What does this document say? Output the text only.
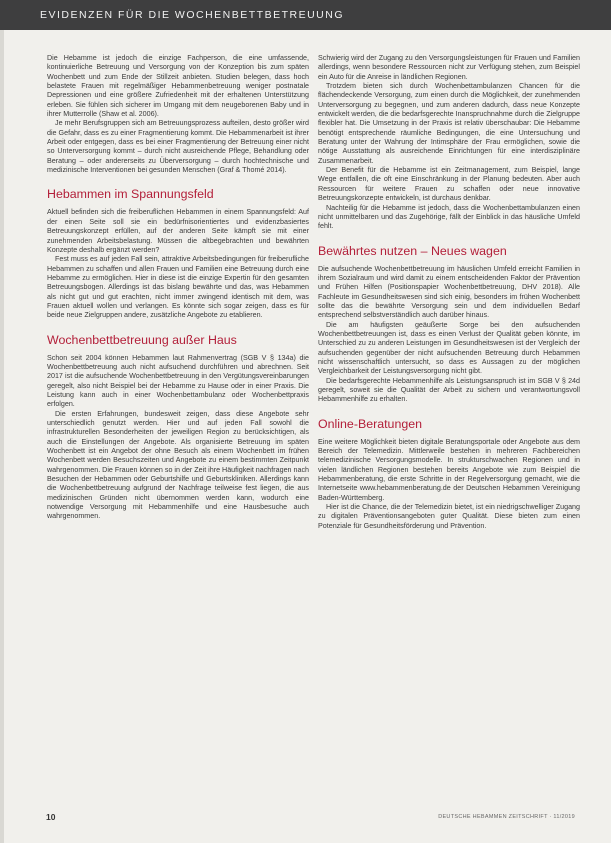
EVIDENZEN FÜR DIE WOCHENBETTBETREUUNG

Die Hebamme ist jedoch die einzige Fachperson, die eine umfassende, kontinuierliche Betreuung und Versorgung von der Konzeption bis zum späten Wochenbett und zum Ende der Stillzeit anbieten. Studien belegen, dass hoch belastete Frauen mit regelmäßiger Hebammenbetreuung weniger postnatale Depressionen und eine größere Zufriedenheit mit der erhaltenen Unterstützung erleben. Sie fühlen sich sicherer im Umgang mit dem neugeborenen Baby und in ihrer Mutterrolle (Shaw et al. 2006).

Je mehr Berufsgruppen sich am Betreuungsprozess aufteilen, desto größer wird die Gefahr, dass es zu einer Fragmentierung kommt. Die Hebammenarbeit ist ihrer Arbeit oder entgegen, dass es bei einer Fragmentierung der Betreuung einer nicht so Unterversorgung kommt – durch nicht ausreichende Pflege, Behandlung oder Beratung – oder andererseits zu Überversorgung – durch hochtechnische und medizinische Interventionen bei gesunden Menschen (Graf & Thomé 2014).

Hebammen im Spannungsfeld

Aktuell befinden sich die freiberuflichen Hebammen in einem Spannungsfeld: Auf der einen Seite soll sie ein bedürfnisorientiertes und evidenzbasiertes Betreuungskonzept erfüllen, auf der anderen Seite kämpft sie mit einer zunehmenden Arbeitsbelastung. Müssen die altbegebrachten und bewährten Konzepte deshalb ergänzt werden?

Fest muss es auf jeden Fall sein, attraktive Arbeitsbedingungen für freiberufliche Hebammen zu schaffen und allen Frauen und Familien eine Betreuung durch eine Hebamme zu ermöglichen. Hier in diese ist die einzige Expertin für den gesamten Betreuungsbogen. Allerdings ist das bislang bewährte und das, was Hebammen als nicht gut und gut erachten, nicht immer zwingend identisch mit dem, was Frauen aktuell wollen und verlangen. Es könnte sich sogar zeigen, dass es für beide neue Zielgruppen andere, zusätzliche Angebote zu etablieren.

Wochenbettbetreuung außer Haus

Schon seit 2004 können Hebammen laut Rahmenvertrag (SGB V § 134a) die Wochenbettbetreuung auch nicht aufsuchend durchführen und abrechnen. Seit 2017 ist die aufsuchende Wochenbettbetreuung in den Vergütungsvereinbarungen geregelt, also nicht Beispiel bei der Hebamme zu Hause oder in einer Praxis. Die Leistung kann auch in einer Wochenbettambulanz oder Wochenbettpraxis erfolgen.

Die ersten Erfahrungen, bundesweit zeigen, dass diese Angebote sehr unterschiedlich genutzt werden. Hier und auf jeden Fall sowohl die infrastrukturellen Besonderheiten der jeweiligen Region zu berücksichtigen, als auch die Einstellungen der Angebote. Als organisierte Betreuung im späten Wochenbett ist ein Angebot der ohne Besuch als einem Wochenbett im frühen Wochenbett werden Besuchszeiten und Angebote zu einem bestimmten Zeitpunkt wahrgenommen. Die Frauen können so in der Zeit ihre Häufigkeit nachfragen nach Besuchen der Hebammen oder Geburtshilfe und Geburtskliniken. Allerdings kann die Wochenbettbetreuung aufgrund der Nachfrage teilweise fest liegen, die aus medizinischen Gründen nicht übernommen werden kann, wodurch eine notwendige Versorgung mit Hebammenhilfe und eine Hausbesuche auch wahrgenommen.

Schwierig wird der Zugang zu den Versorgungsleistungen für Frauen und Familien allerdings, wenn besondere Ressourcen nicht zur Verfügung stehen, zum Beispiel ein Auto für die Anreise in ländlichen Regionen.

Trotzdem bieten sich durch Wochenbettambulanzen Chancen für die flächendeckende Versorgung, zum einen durch die Möglichkeit, der zunehmenden Unterversorgung zu begegnen, und zum anderen dadurch, dass neue Konzepte entwickelt werden, die die bedarfsgerechte Inanspruchnahme durch die Zielgruppe flexibler hat. Die Umsetzung in der Praxis ist relativ überschaubar: Die Hebamme benötigt entsprechende räumliche Bedingungen, die eine Untersuchung und Beratung unter der Wahrung der Intimsphäre der Frau ermöglichen, sowie die nötige Ausstattung als ausreichende Einrichtungen für eine interdisziplinäre Zusammenarbeit.

Der Benefit für die Hebamme ist ein Zeitmanagement, zum Beispiel, lange Wege entfallen, die oft eine Einschränkung in der Planung bedeuten. Aber auch Ressourcen für weitere Frauen zu schaffen oder neue innovative Betreuungskonzepte entwickeln, ist durchaus denkbar.

Nachteilig für die Hebamme ist jedoch, dass die Wochenbettambulanzen einen nicht unmittelbaren und das Zugehörige, fällt der Einblick in das häusliche Umfeld fehlt.

Bewährtes nutzen – Neues wagen

Die aufsuchende Wochenbettbetreuung im häuslichen Umfeld erreicht Familien in ihrem Sozialraum und wird damit zu einem entscheidenden Faktor der Prävention und Frühen Hilfen (Positionspapier Wochenbettbetreuung, DHV 2018). Alle Fachleute im Gesundheitswesen sind sich einig, besonders im frühen Wochenbett sollte das die bewährte Versorgung sein und dem individuellen Bedarf entsprechend selbstverständlich auch darüber hinaus.

Die am häufigsten geäußerte Sorge bei den aufsuchenden Wochenbettbetreuungen ist, dass es einen Verlust der Qualität geben könnte, im Unterschied zu zu anderen Leistungen im Gesundheitswesen ist der Vergleich der aufsuchenden gegenüber der nicht aufsuchenden Betreuung durch Hebammen nicht wissenschaftlich untersucht, so dass es Aussagen zu der möglichen Vergleichbarkeit der Leistungsversorgung nicht gibt.

Die bedarfsgerechte Hebammenhilfe als Leistungsanspruch ist im SGB V § 24d geregelt, soweit sie die Qualität der Arbeit zu sichern und verantwortungsvoll Hebammenhilfe zu erhalten.

Online-Beratungen

Eine weitere Möglichkeit bieten digitale Beratungsportale oder Angebote aus dem Bereich der Telemedizin. Mittlerweile bestehen in mehreren Fachbereichen telemedizinische Versorgungsmodelle. In strukturschwachen Regionen und in vielen ländlichen Regionen bestehen bereits Angebote wie zum Beispiel die Hebammenberatung, die erste Schritte in der Regelversorgung gemacht, wie die Internetseite www.hebammenberatung.de der Deutschen Hebammen Vereinigung Baden-Württemberg.

Hier ist die Chance, die der Telemedizin bietet, ist ein niedrigschwelliger Zugang zu digitalen Präventionsangeboten guter Qualität. Diese bieten zum einen Potenziale für Gesundheitsförderung und Prävention.

10	DEUTSCHE HEBAMMEN ZEITSCHRIFT · 11/2019
